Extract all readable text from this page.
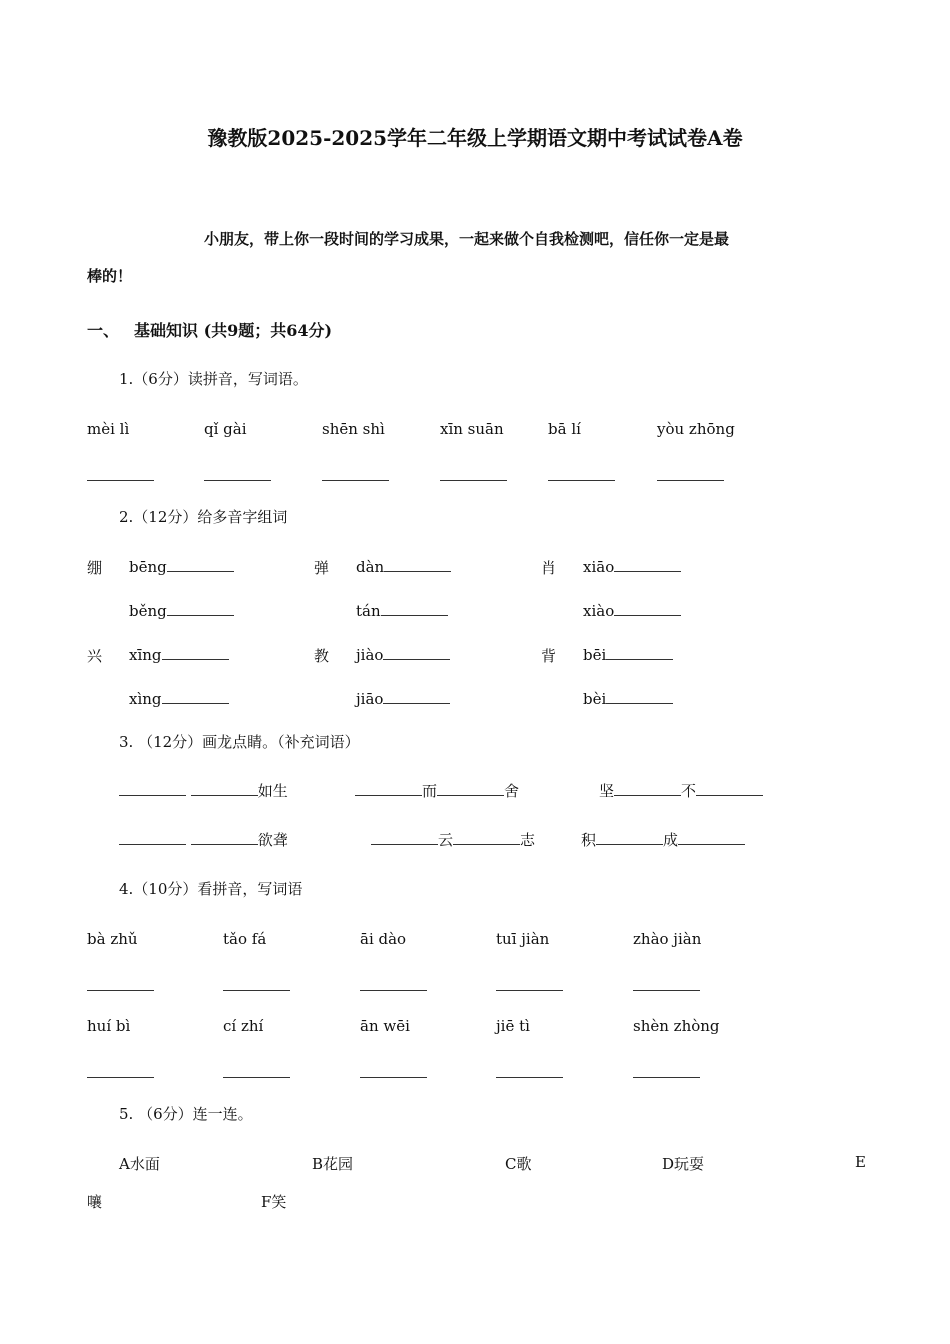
豫教版2025-2025学年二年级上学期语文期中考试试卷A卷
小朋友，带上你一段时间的学习成果，一起来做个自我检测吧，信任你一定是最
棒的！
一、 基础知识 (共9题；共64分)
1.（6分）读拼音，写词语。
mèi lì	qǐ gài	shēn shì	xīn suān	bā lí	yòu zhōng
2.（12分）给多音字组词
绷 bēng	弹 dàn	肖 xiāo
běng	tán	xiào
兴 xīng	教 jiào	背 bēi
xìng	jiāo	bèi
3. （12分）画龙点睛。（补充词语）
如生	而	舍	坚	不
欲聋	云	志	积	成
4.（10分）看拼音，写词语
bà zhǔ	tǎo fá	āi dào	tuī jiàn	zhào jiàn
huí bì	cí zhí	ān wēi	jiē tì	shèn zhòng
5. （6分）连一连。
A水面	B花园	C歌	D玩耍	E
嚷	F笑
